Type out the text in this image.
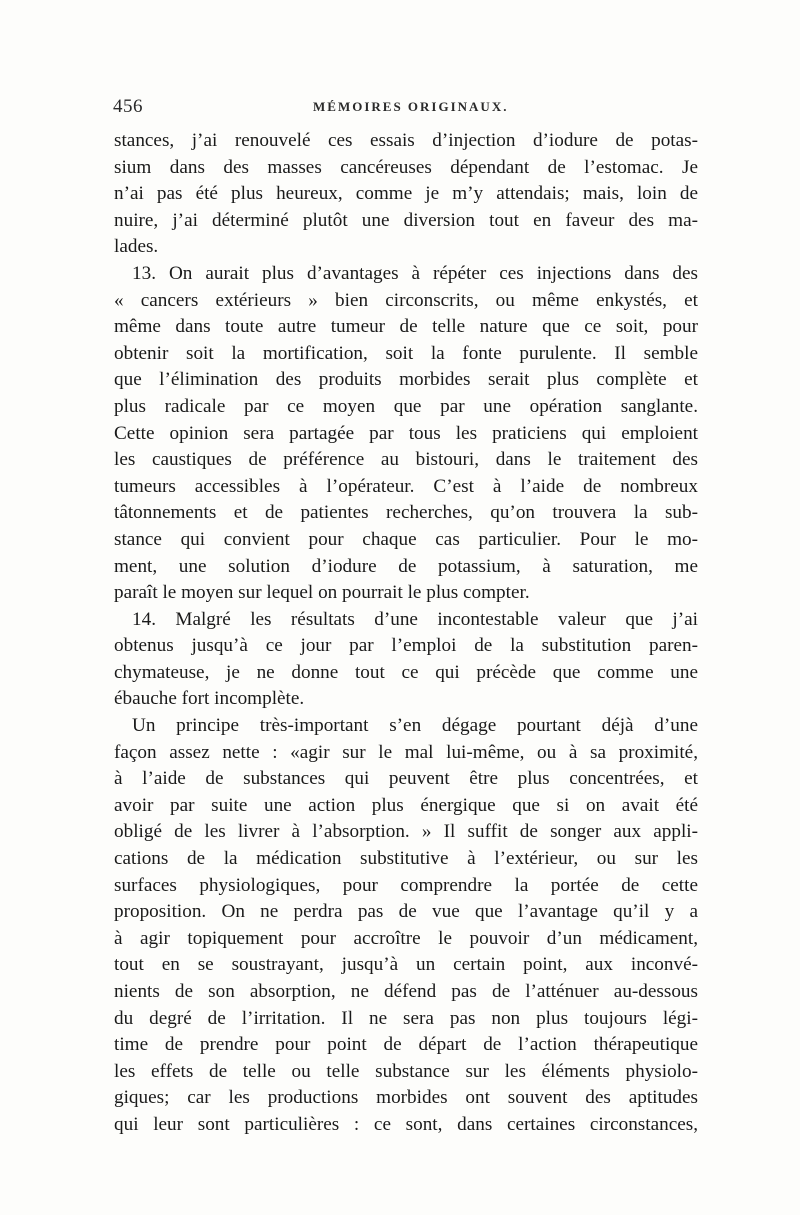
456	MÉMOIRES ORIGINAUX.
stances, j’ai renouvelé ces essais d’injection d’iodure de potas-
sium dans des masses cancéreuses dépendant de l’estomac. Je
n’ai pas été plus heureux, comme je m’y attendais; mais, loin de
nuire, j’ai déterminé plutôt une diversion tout en faveur des ma-
lades.
13. On aurait plus d’avantages à répéter ces injections dans des
« cancers extérieurs » bien circonscrits, ou même enkystés, et
même dans toute autre tumeur de telle nature que ce soit, pour
obtenir soit la mortification, soit la fonte purulente. Il semble
que l’élimination des produits morbides serait plus complète et
plus radicale par ce moyen que par une opération sanglante.
Cette opinion sera partagée par tous les praticiens qui emploient
les caustiques de préférence au bistouri, dans le traitement des
tumeurs accessibles à l’opérateur. C’est à l’aide de nombreux
tâtonnements et de patientes recherches, qu’on trouvera la sub-
stance qui convient pour chaque cas particulier. Pour le mo-
ment, une solution d’iodure de potassium, à saturation, me
paraît le moyen sur lequel on pourrait le plus compter.
14. Malgré les résultats d’une incontestable valeur que j’ai
obtenus jusqu’à ce jour par l’emploi de la substitution paren-
chymateuse, je ne donne tout ce qui précède que comme une
ébauche fort incomplète.
Un principe très-important s’en dégage pourtant déjà d’une
façon assez nette : «agir sur le mal lui-même, ou à sa proximité,
à l’aide de substances qui peuvent être plus concentrées, et
avoir par suite une action plus énergique que si on avait été
obligé de les livrer à l’absorption. » Il suffit de songer aux appli-
cations de la médication substitutive à l’extérieur, ou sur les
surfaces physiologiques, pour comprendre la portée de cette
proposition. On ne perdra pas de vue que l’avantage qu’il y a
à agir topiquement pour accroître le pouvoir d’un médicament,
tout en se soustrayant, jusqu’à un certain point, aux inconvé-
nients de son absorption, ne défend pas de l’atténuer au-dessous
du degré de l’irritation. Il ne sera pas non plus toujours légi-
time de prendre pour point de départ de l’action thérapeutique
les effets de telle ou telle substance sur les éléments physiolo-
giques; car les productions morbides ont souvent des aptitudes
qui leur sont particulières : ce sont, dans certaines circonstances,
